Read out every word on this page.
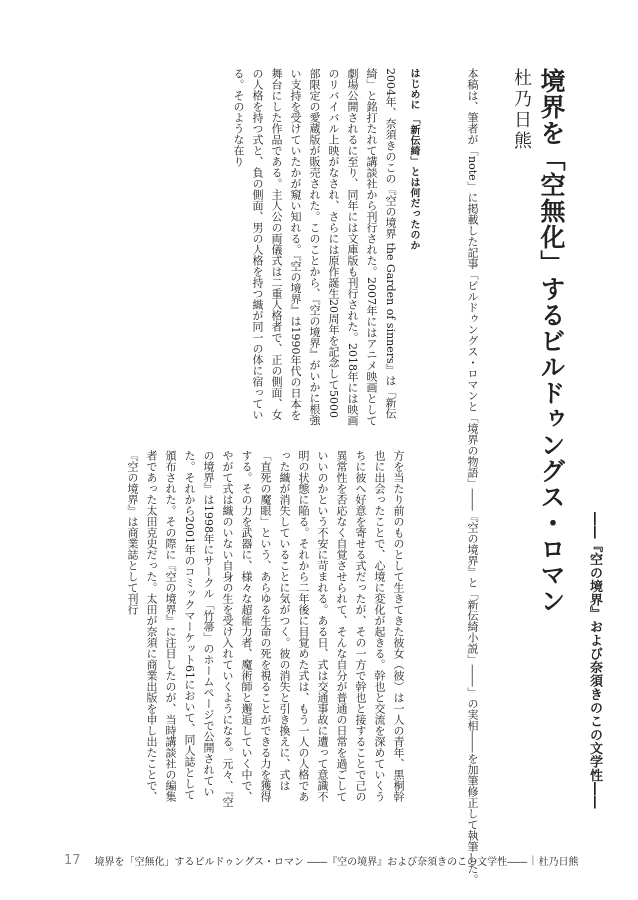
境界を「空無化」するビルドゥングス・ロマン
杜乃日熊
――『空の境界』および奈須きのこの文学性――

本稿は、筆者が「note」に掲載した記事「ビルドゥングス・ロマンと「境界の物語」――『空の境界』と「新伝綺小説」――」の実相――を加筆修正して執筆した。

はじめに 「新伝綺」とは何だったのか

2004年、奈須きのこの『空の境界 the Garden of sinners』は「新伝綺」と銘打たれて講談社から刊行された。2007年にはアニメ映画として劇場公開されるに至り、同年には文庫版も刊行された。2018年には映画のリバイバル上映がなされ、さらには原作誕生20周年を記念して5000部限定の愛蔵版が販売された。このことから、『空の境界』がいかに根強い支持を受けていたかが窺い知れる。『空の境界』は1990年代の日本を舞台にした作品である。主人公の両儀式は二重人格者で、正の側面、女の人格を持つ式と、負の側面、男の人格を持つ織が同一の体に宿っている。そのような在り

方を当たり前のものとして生きてきた彼女（彼）は一人の青年、黒桐幹也に出会ったことで、心境に変化が起きる。幹也と交流を深めていくうちに彼へ好意を寄せる式だったが、その一方で幹也と接することで己の異常性を否応なく自覚させられて、そんな自分が普通の日常を過ごしていいのかという不安に苛まれる。ある日、式は交通事故に遭って意識不明の状態に陥る。それから二年後に目覚めた式は、もう一人の人格であった織が消失していることに気がつく。彼の消失と引き換えに、式は「直死の魔眼」という、あらゆる生命の死を視ることができる力を獲得する。その力を武器に、様々な超能力者、魔術師と邂逅していく中で、やがて式は織のいない自身の生を受け入れていくようになる。元々、『空の境界』は1998年にサークル「竹箒」のホームページで公開されていた。それから2001年のコミックマーケット61において、同人誌として頒布された。その際に『空の境界』に注目したのが、当時講談社の編集者であった太田克史だった。太田が奈須に商業出版を申し出たことで、『空の境界』は商業誌として刊行

17 境界を「空無化」するビルドゥングス・ロマン ――『空の境界』および奈須きのこの文学性―― | 杜乃日熊
